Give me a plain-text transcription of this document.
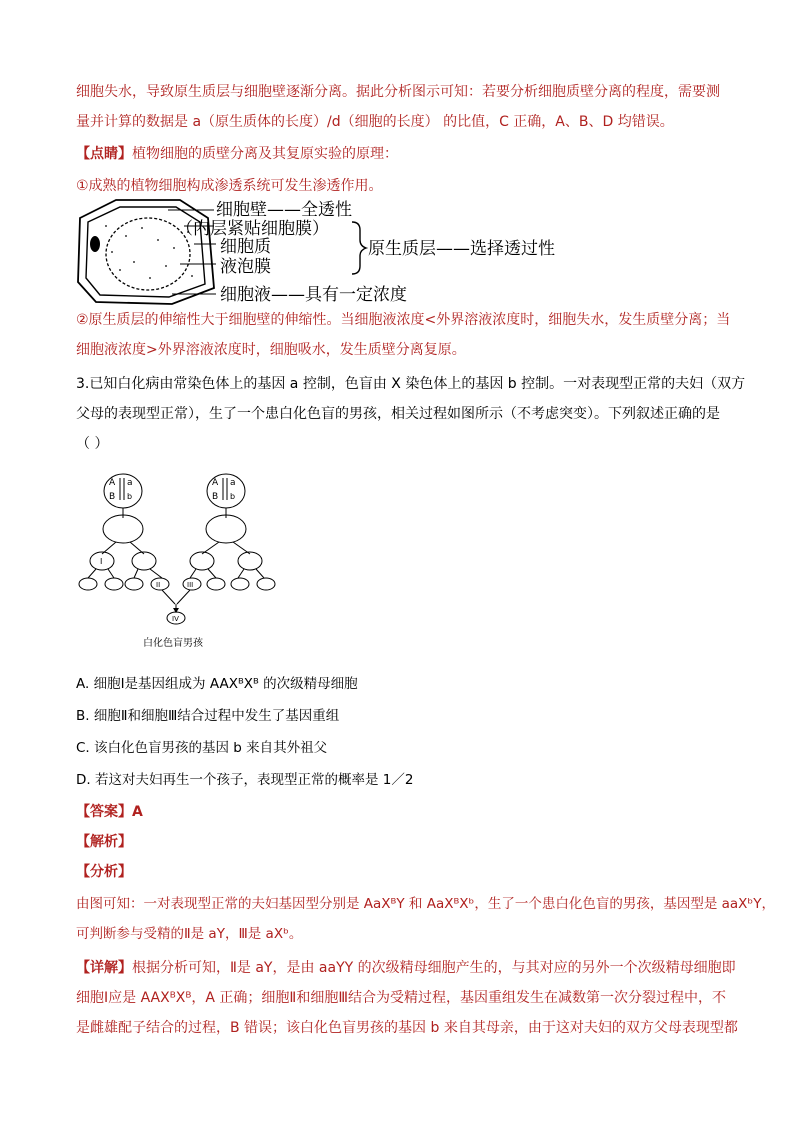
细胞失水，导致原生质层与细胞壁逐渐分离。据此分析图示可知：若要分析细胞质壁分离的程度，需要测
量并计算的数据是 a（原生质体的长度）/d（细胞的长度） 的比值，C 正确，A、B、D 均错误。
【点睛】植物细胞的质壁分离及其复原实验的原理：
①成熟的植物细胞构成渗透系统可发生渗透作用。
细胞壁——全透性
（内层紧贴细胞膜）
细胞质
液泡膜
原生质层——选择透过性
细胞液——具有一定浓度
②原生质层的伸缩性大于细胞壁的伸缩性。当细胞液浓度<外界溶液浓度时，细胞失水，发生质壁分离；当
细胞液浓度>外界溶液浓度时，细胞吸水，发生质壁分离复原。
3.已知白化病由常染色体上的基因 a 控制，色盲由 X 染色体上的基因 b 控制。一对表现型正常的夫妇（双方
父母的表现型正常），生了一个患白化色盲的男孩，相关过程如图所示（不考虑突变）。下列叙述正确的是
（ ）
A a
B b
A a
B b
I
II	III
IV
白化色盲男孩
A. 细胞Ⅰ是基因组成为 AAXᴮXᴮ 的次级精母细胞
B. 细胞Ⅱ和细胞Ⅲ结合过程中发生了基因重组
C. 该白化色盲男孩的基因 b 来自其外祖父
D. 若这对夫妇再生一个孩子，表现型正常的概率是 1／2
【答案】A
【解析】
【分析】
由图可知：一对表现型正常的夫妇基因型分别是 AaXᴮY 和 AaXᴮXᵇ，生了一个患白化色盲的男孩，基因型是 aaXᵇY，
可判断参与受精的Ⅱ是 aY，Ⅲ是 aXᵇ。
【详解】根据分析可知，Ⅱ是 aY，是由 aaYY 的次级精母细胞产生的，与其对应的另外一个次级精母细胞即
细胞Ⅰ应是 AAXᴮXᴮ，A 正确；细胞Ⅱ和细胞Ⅲ结合为受精过程，基因重组发生在减数第一次分裂过程中，不
是雌雄配子结合的过程，B 错误；该白化色盲男孩的基因 b 来自其母亲，由于这对夫妇的双方父母表现型都
